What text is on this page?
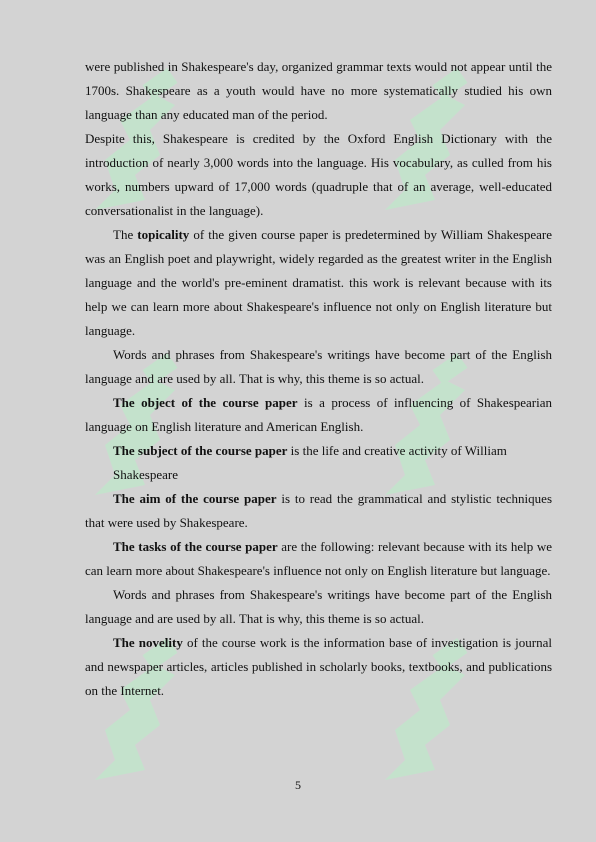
were published in Shakespeare's day, organized grammar texts would not appear until the 1700s. Shakespeare as a youth would have no more systematically studied his own language than any educated man of the period.

Despite this, Shakespeare is credited by the Oxford English Dictionary with the introduction of nearly 3,000 words into the language. His vocabulary, as culled from his works, numbers upward of 17,000 words (quadruple that of an average, well-educated conversationalist in the language).

The topicality of the given course paper is predetermined by William Shakespeare was an English poet and playwright, widely regarded as the greatest writer in the English language and the world's pre-eminent dramatist. this work is relevant because with its help we can learn more about Shakespeare's influence not only on English literature but language.

Words and phrases from Shakespeare's writings have become part of the English language and are used by all. That is why, this theme is so actual.

The object of the course paper is a process of influencing of Shakespearian language on English literature and American English.

The subject of the course paper is the life and creative activity of William Shakespeare

The aim of the course paper is to read the grammatical and stylistic techniques that were used by Shakespeare.

The tasks of the course paper are the following: relevant because with its help we can learn more about Shakespeare's influence not only on English literature but language.

Words and phrases from Shakespeare's writings have become part of the English language and are used by all. That is why, this theme is so actual.

The novelity of the course work is the information base of investigation is journal and newspaper articles, articles published in scholarly books, textbooks, and publications on the Internet.

5
